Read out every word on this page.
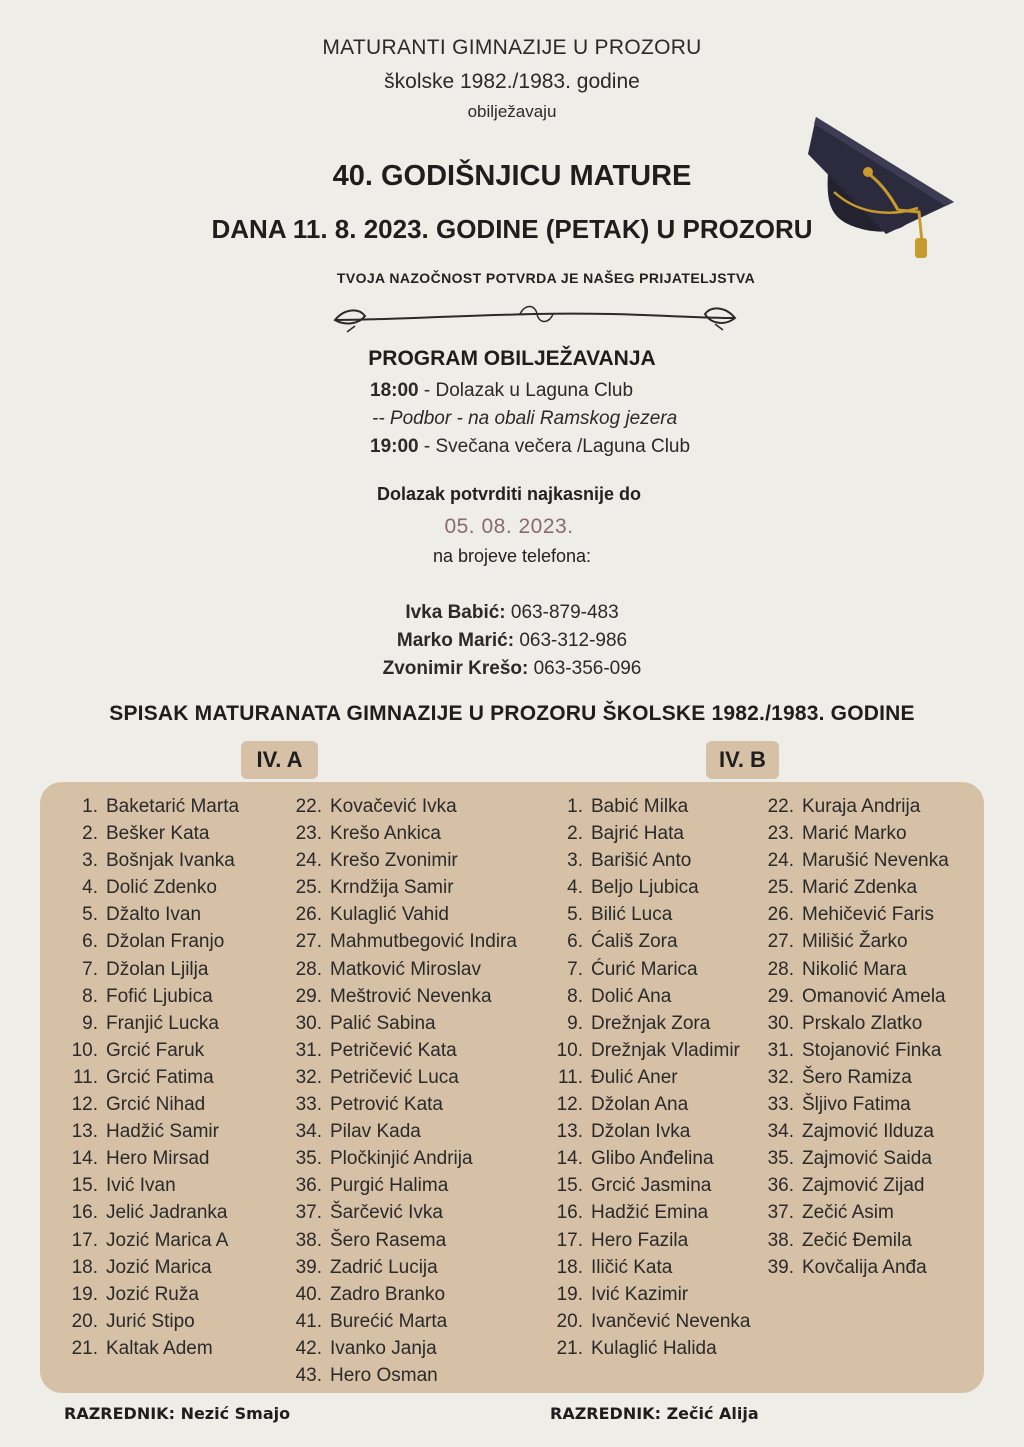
MATURANTI GIMNAZIJE U PROZORU
školske 1982./1983. godine
obilježavaju
40. GODIŠNJICU MATURE
DANA 11. 8. 2023. GODINE (PETAK) U PROZORU
TVOJA NAZOČNOST POTVRDA JE NAŠEG PRIJATELJSTVA
PROGRAM OBILJEŽAVANJA
18:00 - Dolazak u Laguna Club
-- Podbor - na obali Ramskog jezera
19:00 - Svečana večera /Laguna Club
Dolazak potvrditi najkasnije do
05. 08. 2023.
na brojeve telefona:
Ivka Babić: 063-879-483
Marko Marić: 063-312-986
Zvonimir Krešo: 063-356-096
SPISAK MATURANATA GIMNAZIJE U PROZORU ŠKOLSKE 1982./1983. GODINE
IV. A	IV. B
1. Baketarić Marta
2. Bešker Kata
3. Bošnjak Ivanka
4. Dolić Zdenko
5. Džalto Ivan
6. Džolan Franjo
7. Džolan Ljilja
8. Fofić Ljubica
9. Franjić Lucka
10. Grcić Faruk
11. Grcić Fatima
12. Grcić Nihad
13. Hadžić Samir
14. Hero Mirsad
15. Ivić Ivan
16. Jelić Jadranka
17. Jozić Marica A
18. Jozić Marica
19. Jozić Ruža
20. Jurić Stipo
21. Kaltak Adem
22. Kovačević Ivka
23. Krešo Ankica
24. Krešo Zvonimir
25. Krndžija Samir
26. Kulaglić Vahid
27. Mahmutbegović Indira
28. Matković Miroslav
29. Meštrović Nevenka
30. Palić Sabina
31. Petričević Kata
32. Petričević Luca
33. Petrović Kata
34. Pilav Kada
35. Pločkinjić Andrija
36. Purgić Halima
37. Šarčević Ivka
38. Šero Rasema
39. Zadrić Lucija
40. Zadro Branko
41. Burećić Marta
42. Ivanko Janja
43. Hero Osman
1. Babić Milka
2. Bajrić Hata
3. Barišić Anto
4. Beljo Ljubica
5. Bilić Luca
6. Ćališ Zora
7. Ćurić Marica
8. Dolić Ana
9. Drežnjak Zora
10. Drežnjak Vladimir
11. Đulić Aner
12. Džolan Ana
13. Džolan Ivka
14. Glibo Anđelina
15. Grcić Jasmina
16. Hadžić Emina
17. Hero Fazila
18. Iličić Kata
19. Ivić Kazimir
20. Ivančević Nevenka
21. Kulaglić Halida
22. Kuraja Andrija
23. Marić Marko
24. Marušić Nevenka
25. Marić Zdenka
26. Mehičević Faris
27. Milišić Žarko
28. Nikolić Mara
29. Omanović Amela
30. Prskalo Zlatko
31. Stojanović Finka
32. Šero Ramiza
33. Šljivo Fatima
34. Zajmović Ilduza
35. Zajmović Saida
36. Zajmović Zijad
37. Zečić Asim
38. Zečić Đemila
39. Kovčalija Anđa
RAZREDNIK: Nezić Smajo	RAZREDNIK: Zečić Alija
